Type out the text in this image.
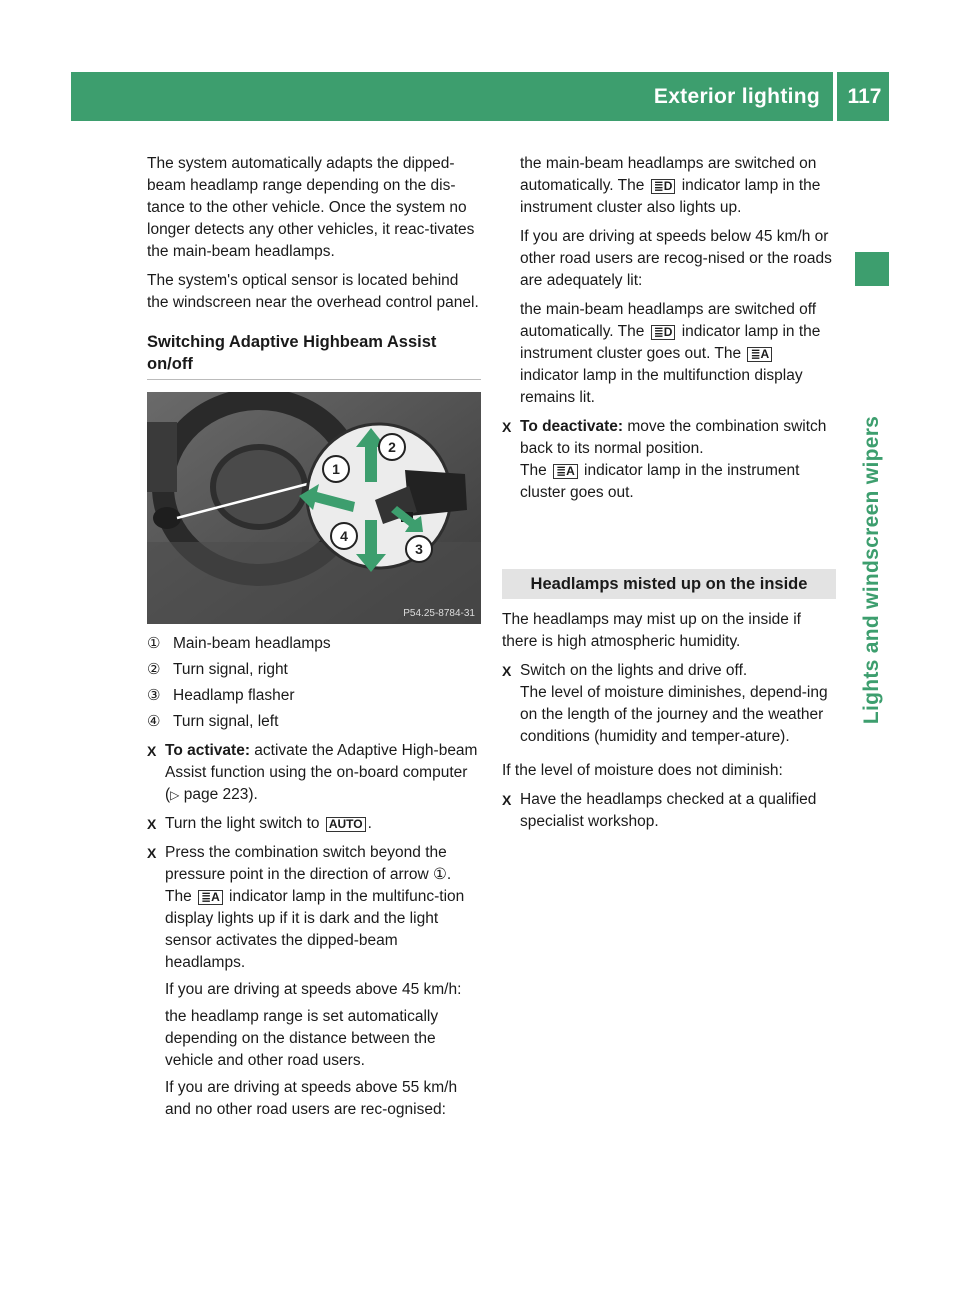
Exterior lighting	117
Lights and windscreen wipers

The system automatically adapts the dipped-beam headlamp range depending on the dis-tance to the other vehicle. Once the system no longer detects any other vehicles, it reac-tivates the main-beam headlamps.

The system's optical sensor is located behind the windscreen near the overhead control panel.

Switching Adaptive Highbeam Assist on/off
1
2
3
4
P54.25-8784-31
① Main-beam headlamps
② Turn signal, right
③ Headlamp flasher
④ Turn signal, left
X To activate: activate the Adaptive High-beam Assist function using the on-board computer (▷ page 223).
X Turn the light switch to AUTO .
X Press the combination switch beyond the pressure point in the direction of arrow ①.
The ≣A indicator lamp in the multifunc-tion display lights up if it is dark and the light sensor activates the dipped-beam headlamps.

If you are driving at speeds above 45 km/h:

the headlamp range is set automatically depending on the distance between the vehicle and other road users.

If you are driving at speeds above 55 km/h and no other road users are rec-ognised:

the main-beam headlamps are switched on automatically. The ≣D indicator lamp in the instrument cluster also lights up.

If you are driving at speeds below 45 km/h or other road users are recog-nised or the roads are adequately lit:

the main-beam headlamps are switched off automatically. The ≣D indicator lamp in the instrument cluster goes out. The ≣A indicator lamp in the multifunction display remains lit.

X To deactivate: move the combination switch back to its normal position.
The ≣A indicator lamp in the instrument cluster goes out.

Headlamps misted up on the inside

The headlamps may mist up on the inside if there is high atmospheric humidity.

X Switch on the lights and drive off.
The level of moisture diminishes, depend-ing on the length of the journey and the weather conditions (humidity and temper-ature).

If the level of moisture does not diminish:

X Have the headlamps checked at a qualified specialist workshop.
